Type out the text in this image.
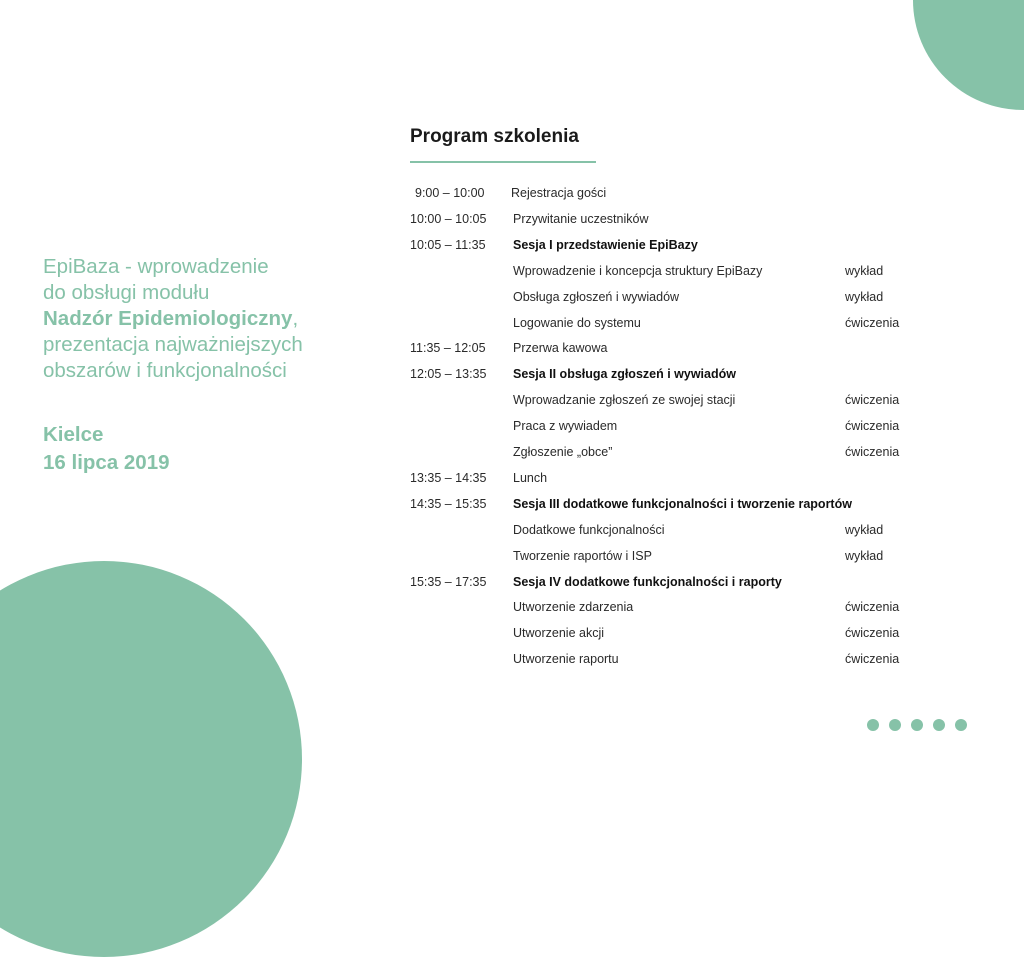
EpiBaza - wprowadzenie
do obsługi modułu
Nadzór Epidemiologiczny,
prezentacja najważniejszych
obszarów i funkcjonalności
Kielce
16 lipca 2019
Program szkolenia
9:00 – 10:00	Rejestracja gości
10:00 – 10:05	Przywitanie uczestników
10:05 – 11:35	Sesja I przedstawienie EpiBazy
Wprowadzenie i koncepcja struktury EpiBazy	wykład
Obsługa zgłoszeń i wywiadów	wykład
Logowanie do systemu	ćwiczenia
11:35 – 12:05	Przerwa kawowa
12:05 – 13:35	Sesja II obsługa zgłoszeń i wywiadów
Wprowadzanie zgłoszeń ze swojej stacji	ćwiczenia
Praca z wywiadem	ćwiczenia
Zgłoszenie „obce”	ćwiczenia
13:35 – 14:35	Lunch
14:35 – 15:35	Sesja III dodatkowe funkcjonalności i tworzenie raportów
Dodatkowe funkcjonalności	wykład
Tworzenie raportów i ISP	wykład
15:35 – 17:35	Sesja IV dodatkowe funkcjonalności i raporty
Utworzenie zdarzenia	ćwiczenia
Utworzenie akcji	ćwiczenia
Utworzenie raportu	ćwiczenia
